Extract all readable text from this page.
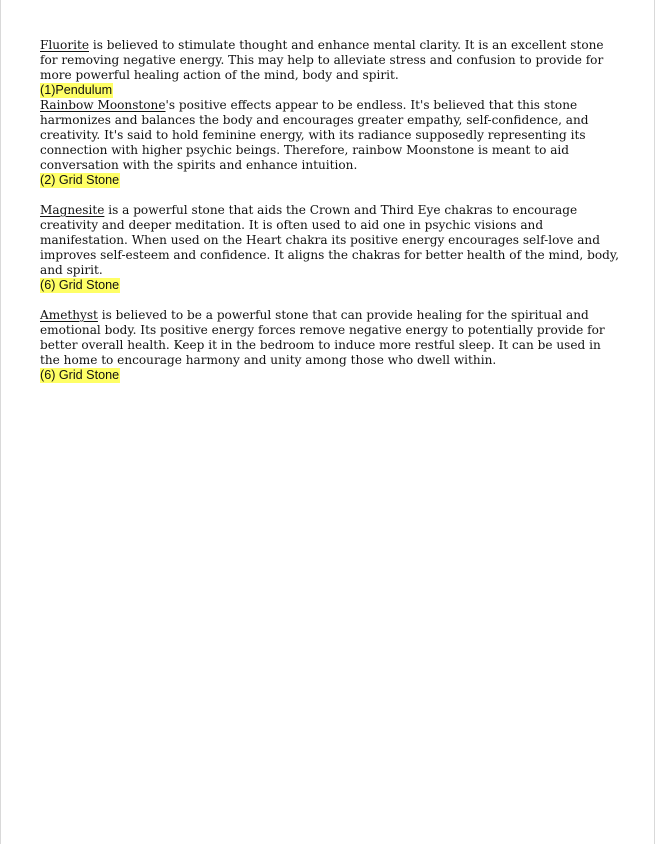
Fluorite is believed to stimulate thought and enhance mental clarity. It is an excellent stone for removing negative energy. This may help to alleviate stress and confusion to provide for more powerful healing action of the mind, body and spirit.

(1)Pendulum

Rainbow Moonstone's positive effects appear to be endless. It's believed that this stone harmonizes and balances the body and encourages greater empathy, self-confidence, and creativity. It's said to hold feminine energy, with its radiance supposedly representing its connection with higher psychic beings. Therefore, rainbow Moonstone is meant to aid conversation with the spirits and enhance intuition.

(2) Grid Stone

Magnesite is a powerful stone that aids the Crown and Third Eye chakras to encourage creativity and deeper meditation. It is often used to aid one in psychic visions and manifestation. When used on the Heart chakra its positive energy encourages self-love and improves self-esteem and confidence. It aligns the chakras for better health of the mind, body, and spirit.

(6) Grid Stone

Amethyst is believed to be a powerful stone that can provide healing for the spiritual and emotional body. Its positive energy forces remove negative energy to potentially provide for better overall health. Keep it in the bedroom to induce more restful sleep. It can be used in the home to encourage harmony and unity among those who dwell within.

(6) Grid Stone
